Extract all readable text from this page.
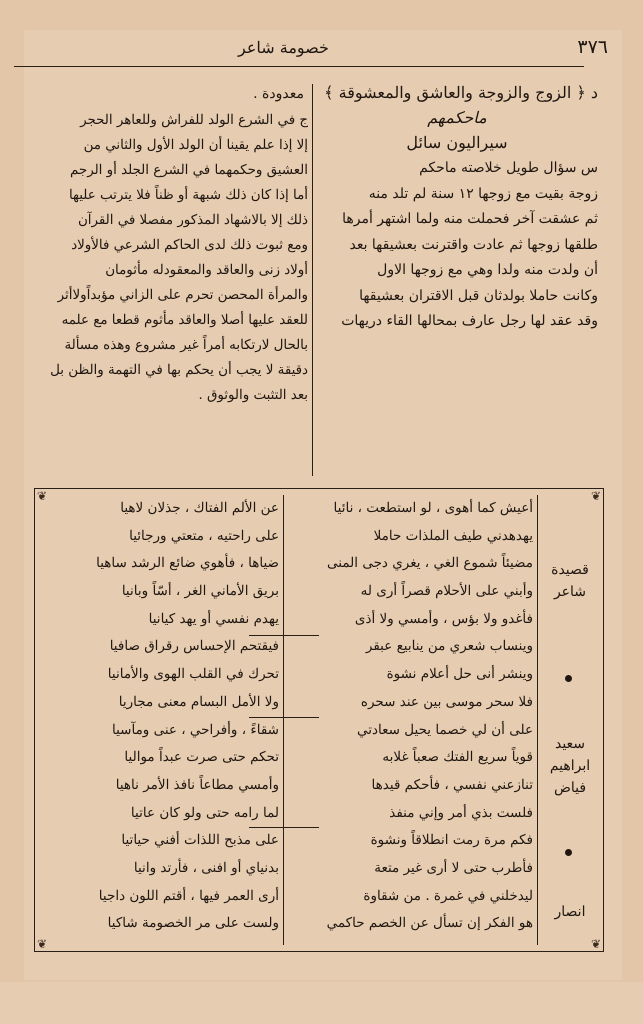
٣٧٦
خصومة شاعر
د ﴿ الزوج والزوجة والعاشق والمعشوقة ﴾
ماحكمهم
سيراليون سائل
س سؤال طويل خلاصته ماحكم
زوجة بقيت مع زوجها ١٢ سنة لم تلد منه
ثم عشقت آخر فحملت منه ولما اشتهر أمرها
طلقها زوجها ثم عادت واقترنت بعشيقها بعد
أن ولدت منه ولدا وهي مع زوجها الاول
وكانت حاملا بولدثان قبل الاقتران بعشيقها
وقد عقد لها رجل عارف بمحالها القاء دريهات
معدودة .
ج في الشرع الولد للفراش وللعاهر الحجر
إلا إذا علم يقينا أن الولد الأول والثاني من
العشيق وحكمهما في الشرع الجلد أو الرجم
أما إذا كان ذلك شبهة أو ظناً فلا يترتب عليها
ذلك إلا بالاشهاد المذكور مفصلا في القرآن
ومع ثبوت ذلك لدى الحاكم الشرعي فالأولاد
أولاد زنى والعاقد والمعقودله مأثومان
والمرأة المحصن تحرم على الزاني مؤبداًولاأثر
للعقد عليها أصلا والعاقد مأثوم قطعا مع علمه
بالحال لارتكابه أمراً غير مشروع وهذه مسألة
دقيقة لا يجب أن يحكم بها في التهمة والظن بل
بعد التثبت والوثوق .
❦	❦
❦	❦
قصيدة
شاعر
سعيد
ابراهيم
فياض
انصار
أعيش كما أهوى ، لو استطعت ، نائيا
يهدهدني طيف الملذات حاملا
مضيئاً شموع الغي ، يغري دجى المنى
وأبني على الأحلام قصراً أرى له
فأغدو ولا بؤس ، وأمسي ولا أذى
وينساب شعري من ينابيع عبقر
وينشر أنى حل أعلام نشوة
فلا سحر موسى بين عند سحره
على أن لي خصما يحيل سعادتي
قوياً سريع الفتك صعباً غلابه
تنازعني نفسي ، فأحكم قيدها
فلست بذي أمر وإني منفذ
فكم مرة رمت انطلاقاً ونشوة
فأطرب حتى لا أرى غير متعة
ليدخلني في غمرة . من شقاوة
هو الفكر إن تسأل عن الخصم حاكمي
عن الألم الفتاك ، جذلان لاهيا
على راحتيه ، متعتي ورجائيا
ضياها ، فأهوي ضائع الرشد ساهيا
بريق الأماني الغر ، أسّاً وبانيا
يهدم نفسي أو يهد كيانيا
فيقتحم الإحساس رقراق صافيا
تحرك في القلب الهوى والأمانيا
ولا الأمل البسام معنى مجاريا
شقاءً ، وأفراحي ، عنى ومآسيا
تحكم حتى صرت عبداً مواليا
وأمسي مطاعاً نافذ الأمر ناهيا
لما رامه حتى ولو كان عاتيا
على مذبح اللذات أفني حياتيا
بدنياي أو افنى ، فأرتد وانيا
أرى العمر فيها ، أقتم اللون داجيا
ولست على مر الخصومة شاكيا
